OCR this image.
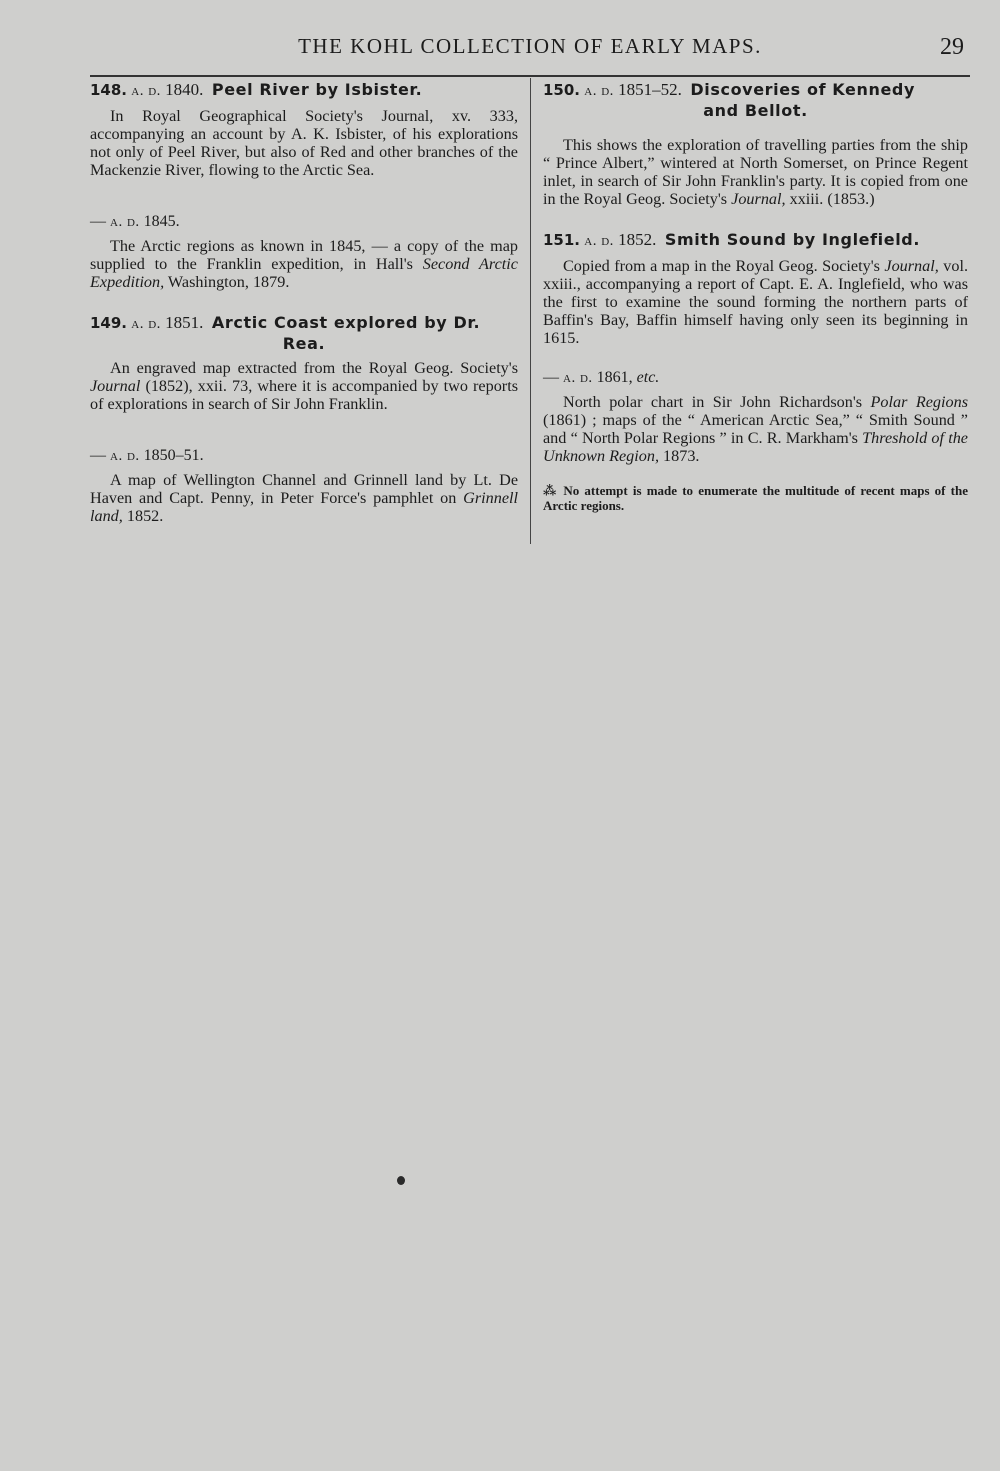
THE KOHL COLLECTION OF EARLY MAPS.	29
148. a. d. 1840. Peel River by Isbister.

In Royal Geographical Society's Journal, xv. 333, accompanying an account by A. K. Isbister, of his explorations not only of Peel River, but also of Red and other branches of the Mackenzie River, flowing to the Arctic Sea.

— a. d. 1845.

The Arctic regions as known in 1845, — a copy of the map supplied to the Franklin expedition, in Hall's Second Arctic Expedition, Washington, 1879.

149. a. d. 1851. Arctic Coast explored by Dr.
Rea.

An engraved map extracted from the Royal Geog. Society's Journal (1852), xxii. 73, where it is accompanied by two reports of explorations in search of Sir John Franklin.

— a. d. 1850–51.

A map of Wellington Channel and Grinnell land by Lt. De Haven and Capt. Penny, in Peter Force's pamphlet on Grinnell land, 1852.

150. a. d. 1851–52. Discoveries of Kennedy
and Bellot.

This shows the exploration of travelling parties from the ship “ Prince Albert,” wintered at North Somerset, on Prince Regent inlet, in search of Sir John Franklin's party. It is copied from one in the Royal Geog. Society's Journal, xxiii. (1853.)

151. a. d. 1852. Smith Sound by Inglefield.

Copied from a map in the Royal Geog. Society's Journal, vol. xxiii., accompanying a report of Capt. E. A. Inglefield, who was the first to examine the sound forming the northern parts of Baffin's Bay, Baffin himself having only seen its beginning in 1615.

— a. d. 1861, etc.

North polar chart in Sir John Richardson's Polar Regions (1861) ; maps of the “ American Arctic Sea,” “ Smith Sound ” and “ North Polar Regions ” in C. R. Markham's Threshold of the Unknown Region, 1873.

⁂ No attempt is made to enumerate the multitude of recent maps of the Arctic regions.
